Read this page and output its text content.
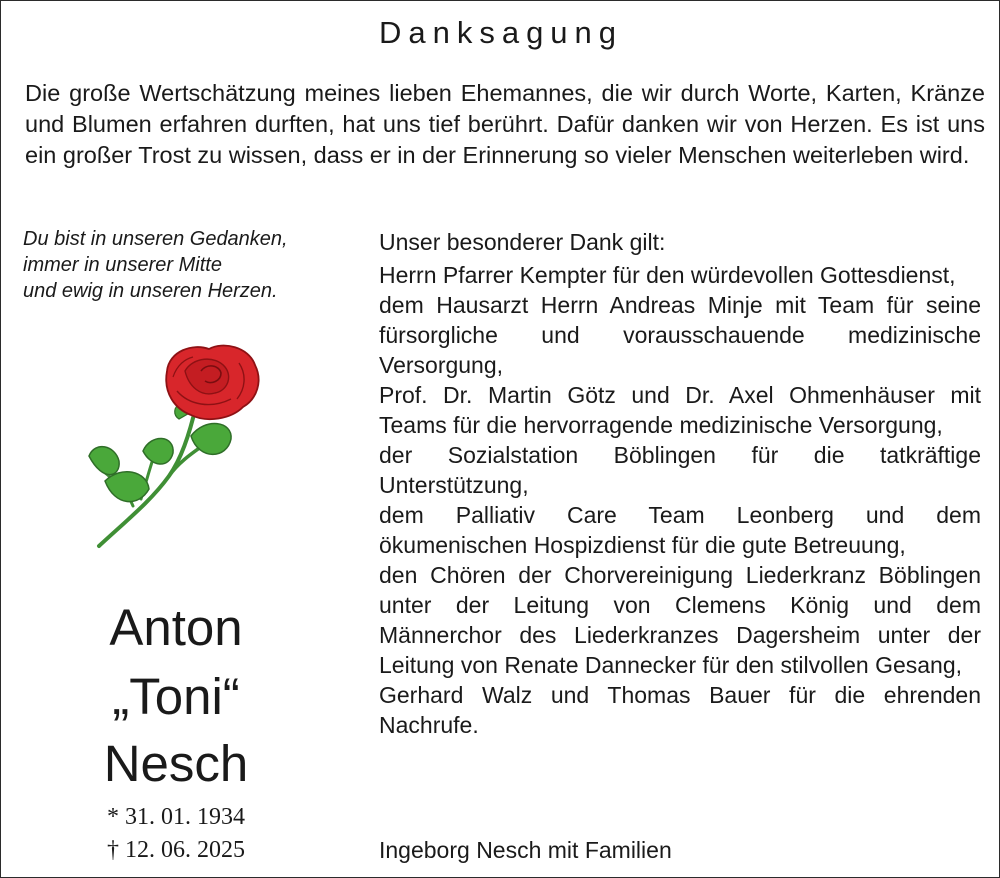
Danksagung
Die große Wertschätzung meines lieben Ehemannes, die wir durch Worte, Karten, Kränze und Blumen erfahren durften, hat uns tief berührt. Dafür danken wir von Herzen. Es ist uns ein großer Trost zu wissen, dass er in der Erinnerung so vieler Menschen weiterleben wird.
Du bist in unseren Gedanken,
immer in unserer Mitte
und ewig in unseren Herzen.
Anton
„Toni“
Nesch
* 31. 01. 1934
† 12. 06. 2025
Unser besonderer Dank gilt:
Herrn Pfarrer Kempter für den würdevollen Gottesdienst,
dem Hausarzt Herrn Andreas Minje mit Team für seine fürsorgliche und vorausschauende medizinische Versorgung,
Prof. Dr. Martin Götz und Dr. Axel Ohmenhäuser mit Teams für die hervorragende medizinische Versorgung,
der Sozialstation Böblingen für die tatkräftige Unterstützung,
dem Palliativ Care Team Leonberg und dem ökumenischen Hospizdienst für die gute Betreuung,
den Chören der Chorvereinigung Liederkranz Böblingen unter der Leitung von Clemens König und dem Männerchor des Liederkranzes Dagersheim unter der Leitung von Renate Dannecker für den stilvollen Gesang,
Gerhard Walz und Thomas Bauer für die ehrenden Nachrufe.
Ingeborg Nesch mit Familien
